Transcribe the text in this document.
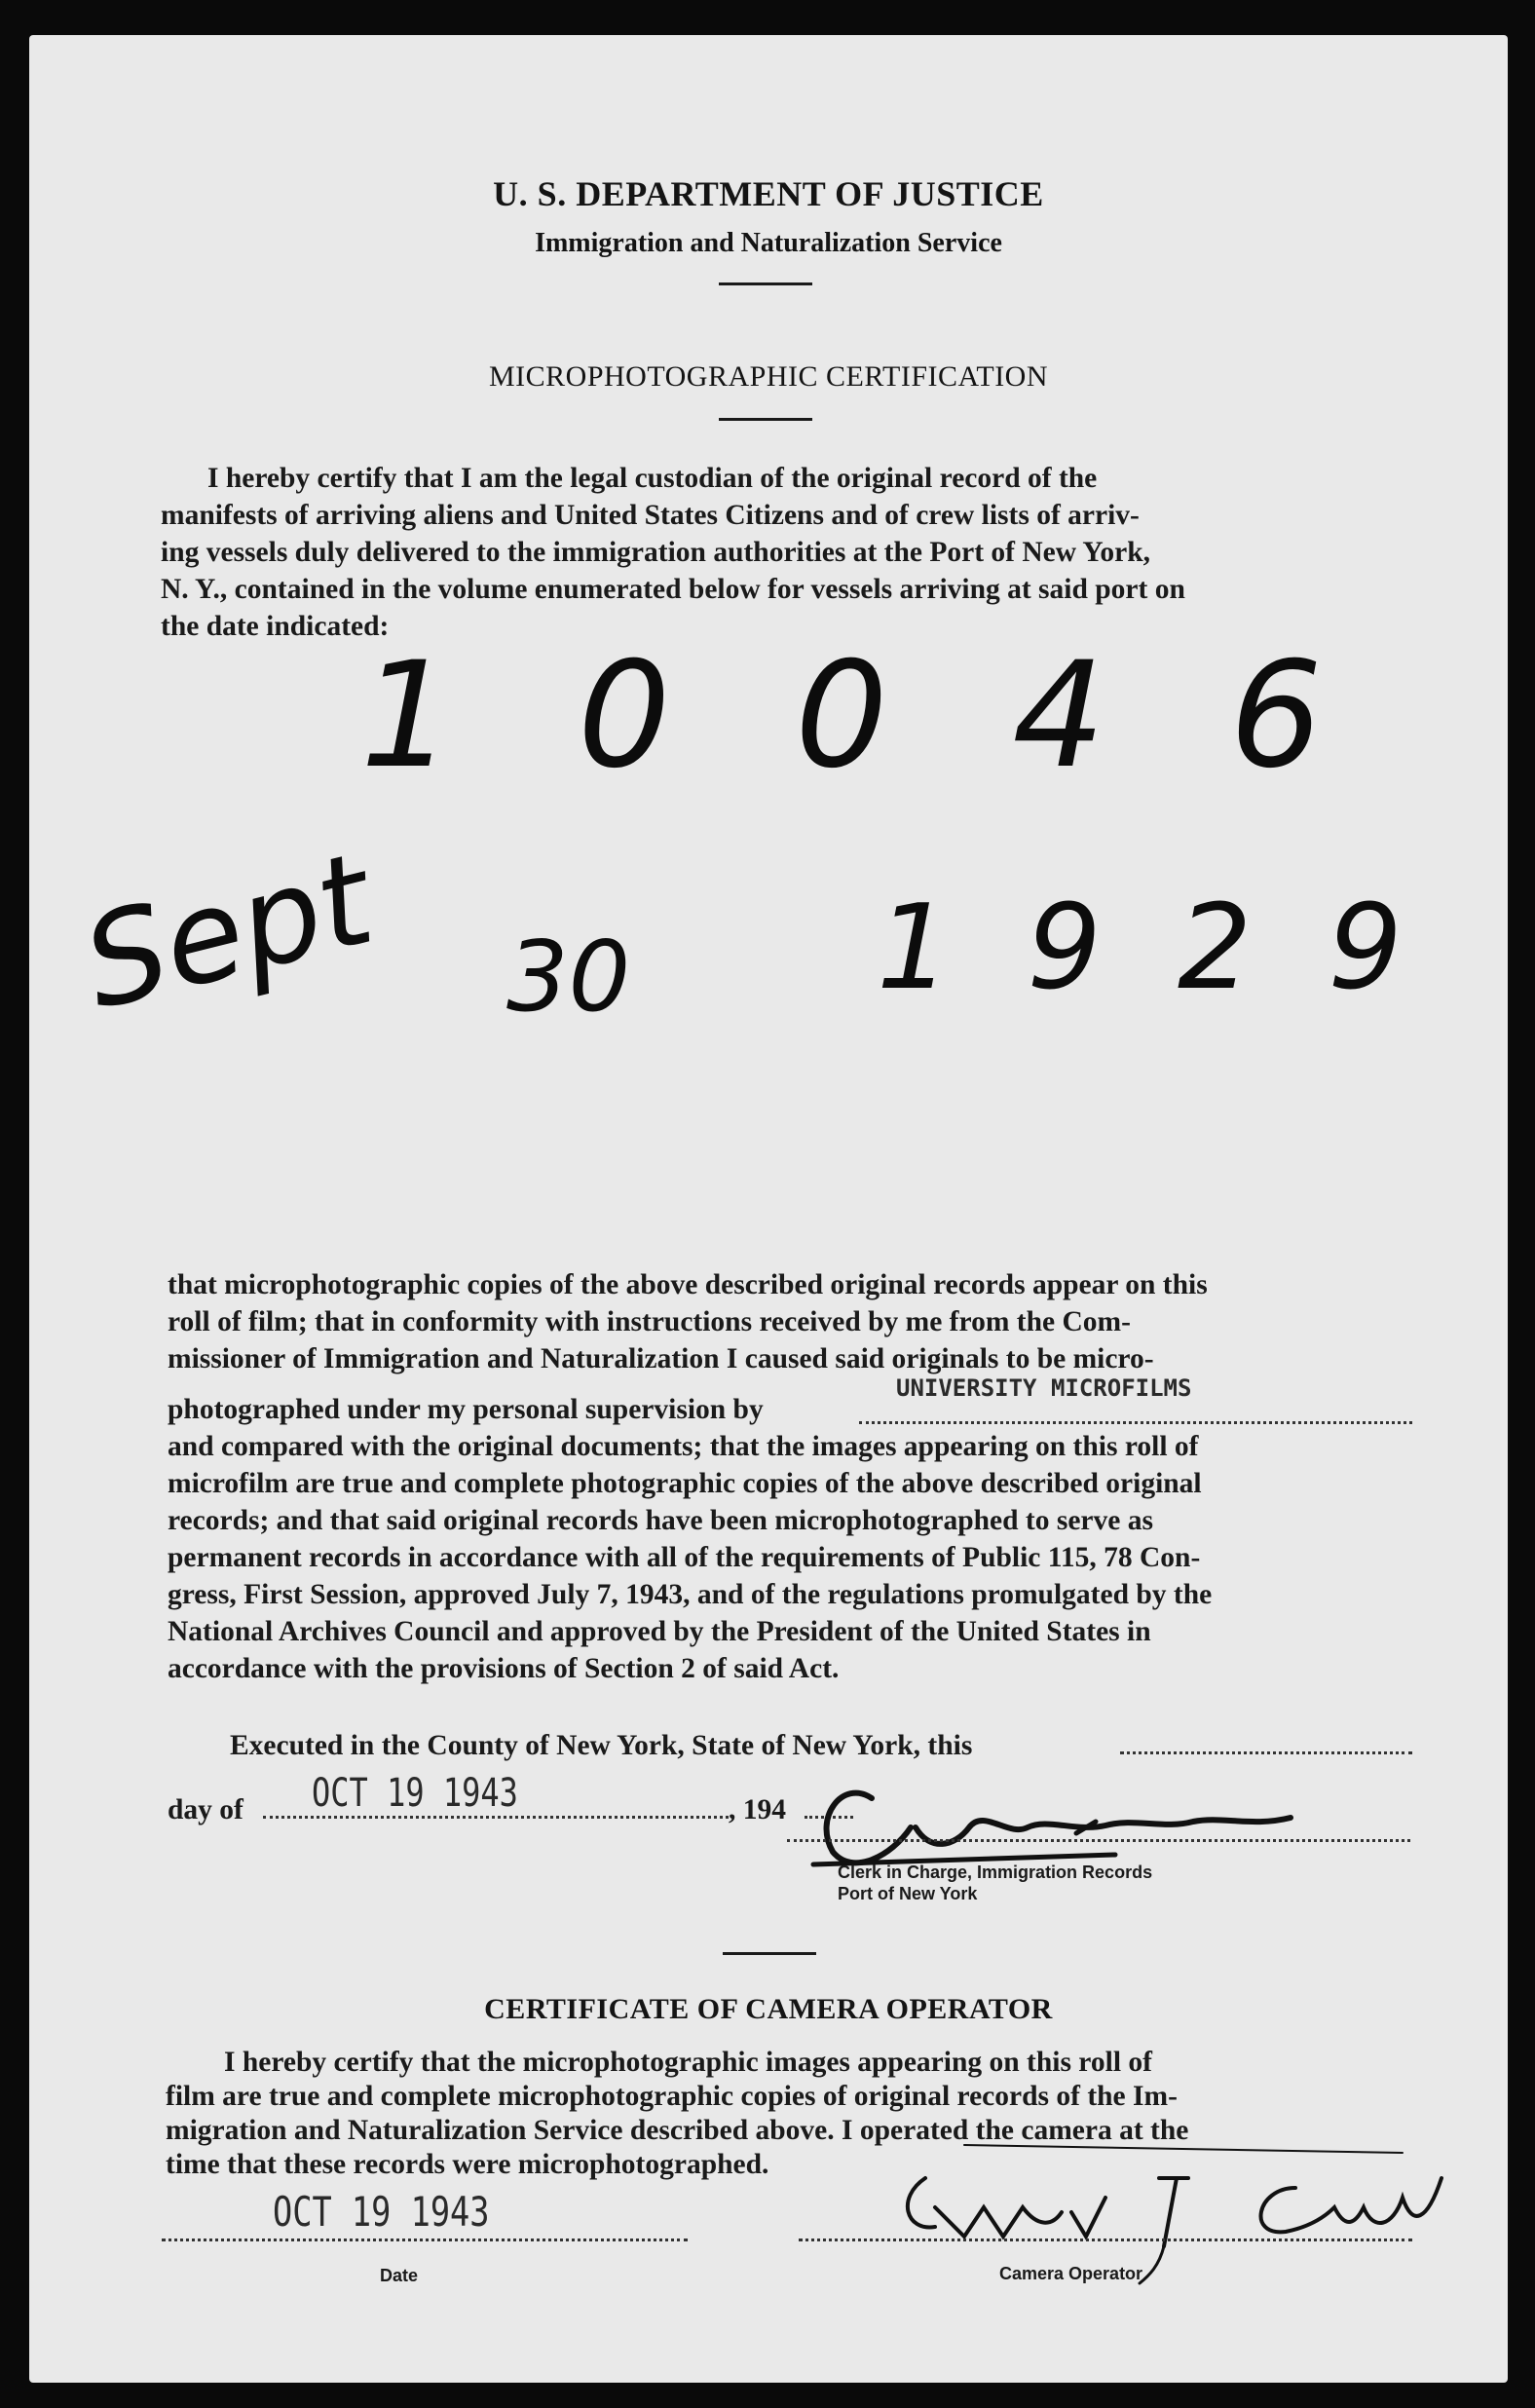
U. S. DEPARTMENT OF JUSTICE
Immigration and Naturalization Service
MICROPHOTOGRAPHIC CERTIFICATION
I hereby certify that I am the legal custodian of the original record of the
manifests of arriving aliens and United States Citizens and of crew lists of arriv-
ing vessels duly delivered to the immigration authorities at the Port of New York,
N. Y., contained in the volume enumerated below for vessels arriving at said port on
the date indicated:
1 0 0 4 6
Sept 30 1 9 2 9
that microphotographic copies of the above described original records appear on this
roll of film; that in conformity with instructions received by me from the Com-
missioner of Immigration and Naturalization I caused said originals to be micro-
photographed under my personal supervision by
UNIVERSITY MICROFILMS
and compared with the original documents; that the images appearing on this roll of
microfilm are true and complete photographic copies of the above described original
records; and that said original records have been microphotographed to serve as
permanent records in accordance with all of the requirements of Public 115, 78 Con-
gress, First Session, approved July 7, 1943, and of the regulations promulgated by the
National Archives Council and approved by the President of the United States in
accordance with the provisions of Section 2 of said Act.
Executed in the County of New York, State of New York, this
day of OCT 19 1943	, 194
Clerk in Charge, Immigration Records
Port of New York
CERTIFICATE OF CAMERA OPERATOR
I hereby certify that the microphotographic images appearing on this roll of
film are true and complete microphotographic copies of original records of the Im-
migration and Naturalization Service described above. I operated the camera at the
time that these records were microphotographed.
OCT 19 1943
Date	Camera Operator
